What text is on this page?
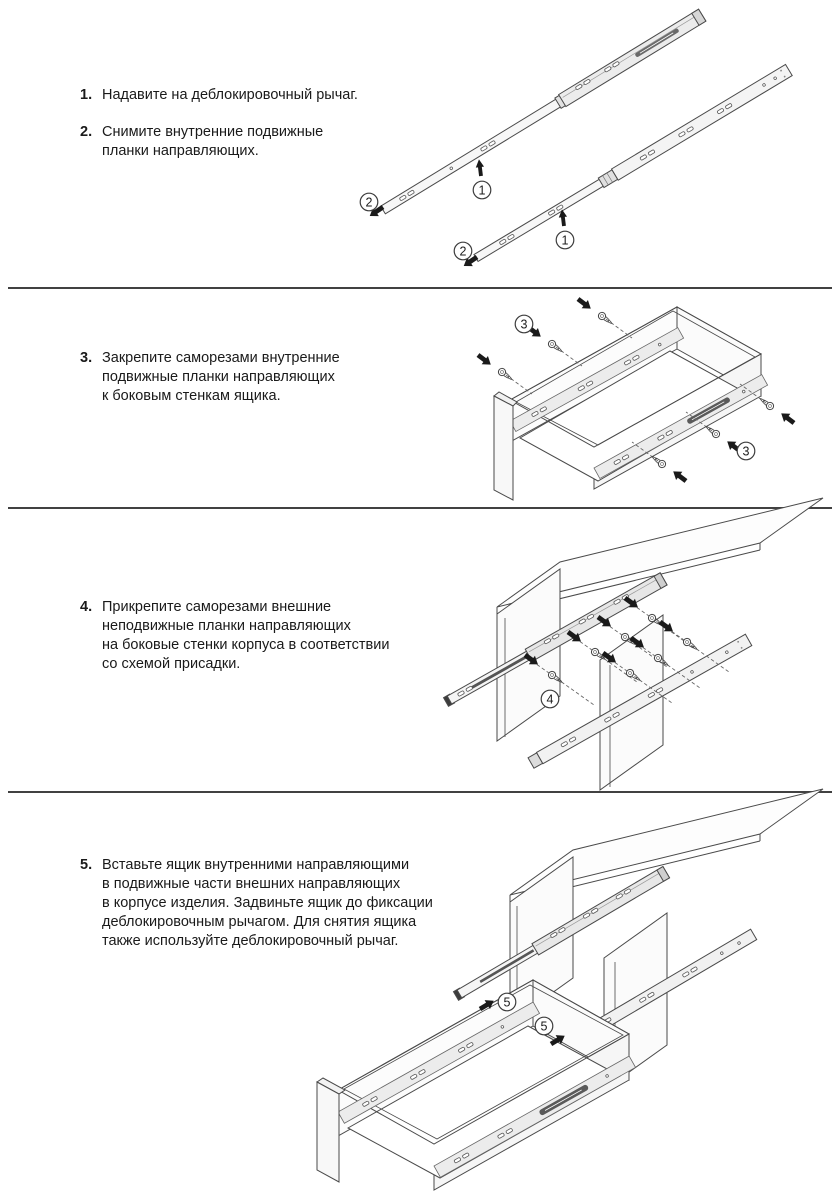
1. Надавите на деблокировочный рычаг.
2. Снимите внутренние подвижные
планки направляющих.
1
1
2
2
3. Закрепите саморезами внутренние
подвижные планки направляющих
к боковым стенкам ящика.
3
3
4. Прикрепите саморезами внешние
неподвижные планки направляющих
на боковые стенки корпуса в соответствии
со схемой присадки.
4
5. Вставьте ящик внутренними направляющими
в подвижные части внешних направляющих
в корпусе изделия. Задвиньте ящик до фиксации
деблокировочным рычагом. Для снятия ящика
также используйте деблокировочный рычаг.
5
5
